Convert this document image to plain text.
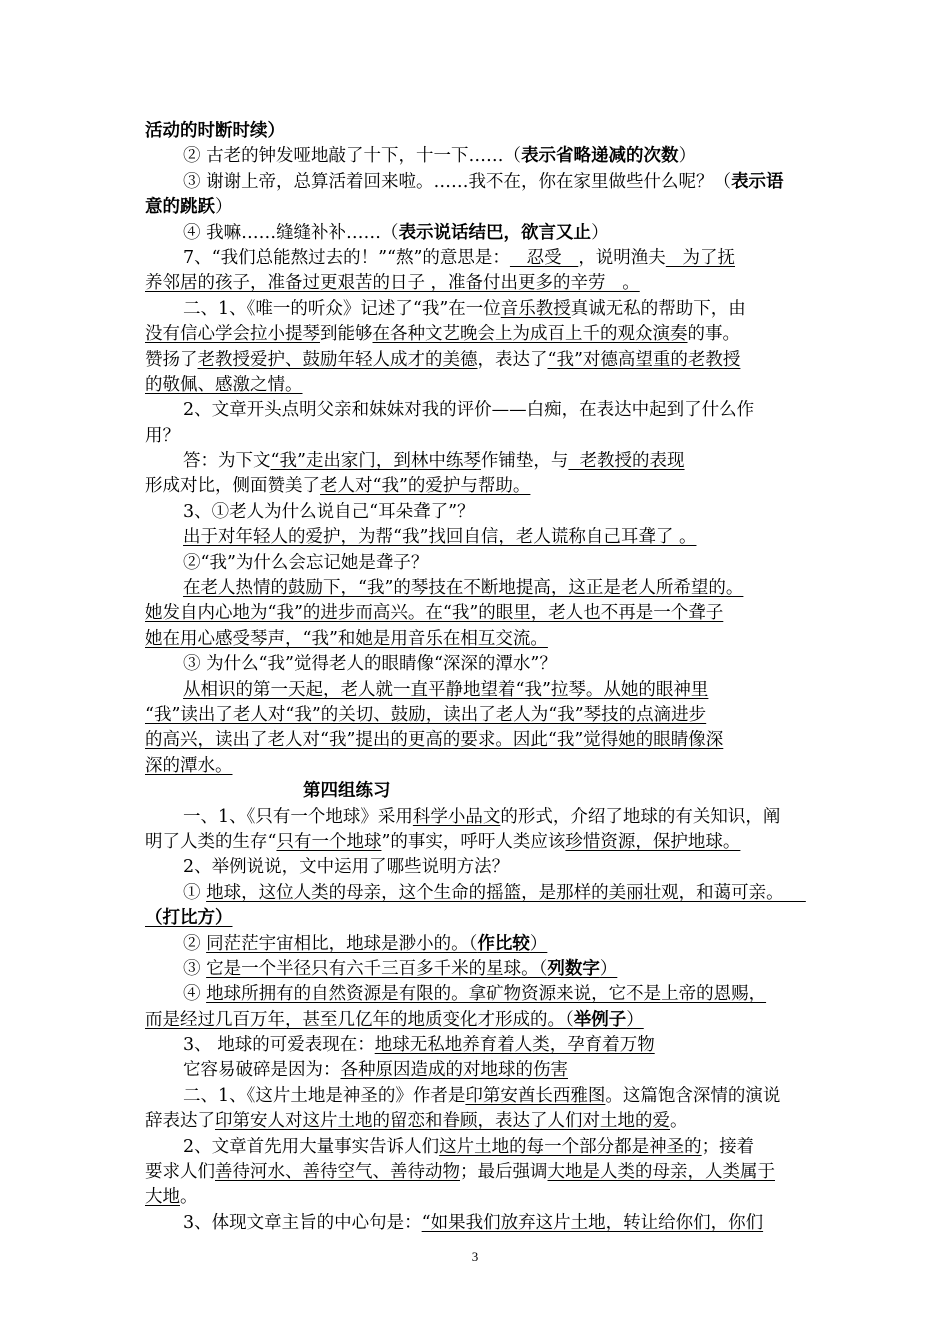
活动的时断时续）
② 古老的钟发哑地敲了十下，十一下……（表示省略递减的次数）
③ 谢谢上帝，总算活着回来啦。……我不在，你在家里做些什么呢？（表示语
意的跳跃）
④ 我嘛……缝缝补补……（表示说话结巴，欲言又止）
7、“我们总能熬过去的！”“熬”的意思是：   忍受   ，说明渔夫   为了抚
养邻居的孩子，准备过更艰苦的日子 ，准备付出更多的辛劳   。
二、1、《唯一的听众》记述了“我”在一位音乐教授真诚无私的帮助下，由
没有信心学会拉小提琴到能够在各种文艺晚会上为成百上千的观众演奏的事。
赞扬了老教授爱护、鼓励年轻人成才的美德，表达了“我”对德高望重的老教授
的敬佩、感激之情。
2、文章开头点明父亲和妹妹对我的评价——白痴，在表达中起到了什么作
用？
答：为下文“我”走出家门，到林中练琴作铺垫，与  老教授的表现
形成对比，侧面赞美了老人对“我”的爱护与帮助。
3、①老人为什么说自己“耳朵聋了”？
出于对年轻人的爱护，为帮“我”找回自信，老人谎称自己耳聋了 。
②“我”为什么会忘记她是聋子？
在老人热情的鼓励下，“我”的琴技在不断地提高，这正是老人所希望的。
她发自内心地为“我”的进步而高兴。在“我”的眼里，老人也不再是一个聋子
她在用心感受琴声，“我”和她是用音乐在相互交流。
③ 为什么“我”觉得老人的眼睛像“深深的潭水”？
从相识的第一天起，老人就一直平静地望着“我”拉琴。从她的眼神里
“我”读出了老人对“我”的关切、鼓励，读出了老人为“我”琴技的点滴进步
的高兴，读出了老人对“我”提出的更高的要求。因此“我”觉得她的眼睛像深
深的潭水。
第四组练习
一、1、《只有一个地球》采用科学小品文的形式，介绍了地球的有关知识，阐
明了人类的生存“只有一个地球”的事实，呼吁人类应该珍惜资源，保护地球。
2、举例说说，文中运用了哪些说明方法？
① 地球，这位人类的母亲，这个生命的摇篮，是那样的美丽壮观，和蔼可亲。
（打比方）
② 同茫茫宇宙相比，地球是渺小的。（作比较）
③ 它是一个半径只有六千三百多千米的星球。（列数字）
④ 地球所拥有的自然资源是有限的。拿矿物资源来说，它不是上帝的恩赐，
而是经过几百万年，甚至几亿年的地质变化才形成的。（举例子）
3、 地球的可爱表现在：地球无私地养育着人类，孕育着万物
它容易破碎是因为：各种原因造成的对地球的伤害
二、1、《这片土地是神圣的》作者是印第安酋长西雅图。这篇饱含深情的演说
辞表达了印第安人对这片土地的留恋和眷顾，表达了人们对土地的爱。
2、文章首先用大量事实告诉人们这片土地的每一个部分都是神圣的；接着
要求人们善待河水、善待空气、善待动物；最后强调大地是人类的母亲，人类属于
大地。
3、体现文章主旨的中心句是：“如果我们放弃这片土地，转让给你们，你们
3
